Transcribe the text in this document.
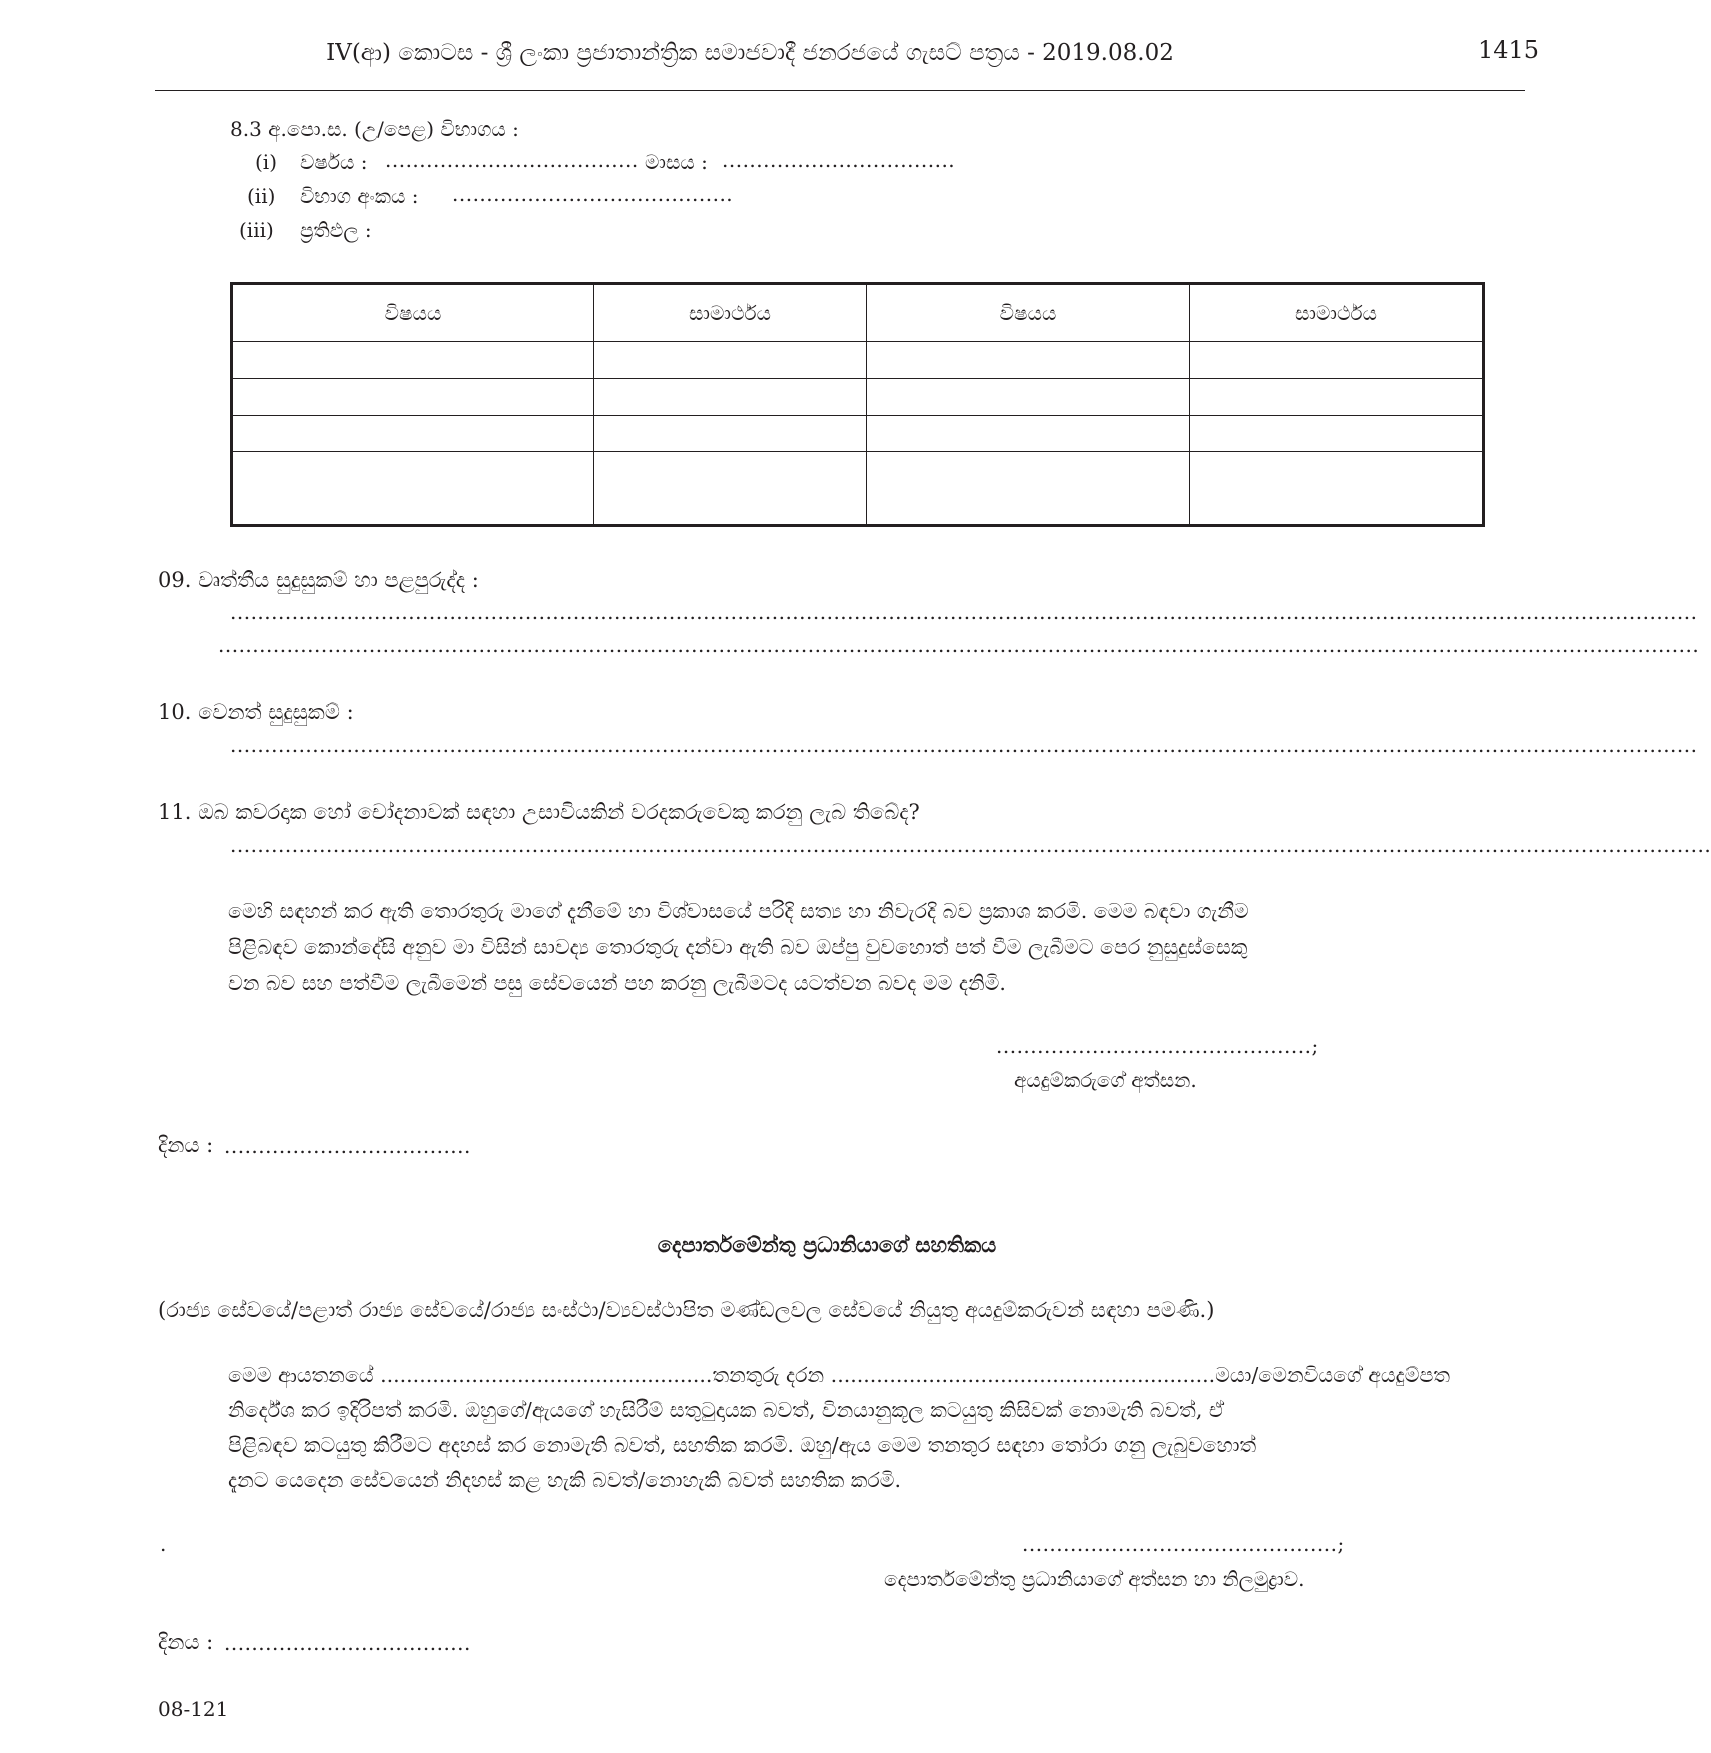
IV(ආ) කොටස - ශ්‍රී ලංකා ප්‍රජාතාන්ත්‍රික සමාජවාදී ජනරජයේ ගැසට් පත්‍රය - 2019.08.02	1415
8.3 අ.පො.ස. (උ/පෙළ) විභාගය :
(i) වර්ෂය : ..................................... මාසය : ..................................
(ii) විභාග අංකය : .........................................
(iii) ප්‍රතිඵල :
විෂයය	සාමාර්ථය	විෂයය	සාමාර්ථය

09. වෘත්තීය සුදුසුකම් හා පළපුරුද්ද :
......................................................................................................................................................................................................................
........................................................................................................................................................................................................................
10. වෙනත් සුදුසුකම් :
......................................................................................................................................................................................................................
11. ඔබ කවරදාක හෝ චෝදනාවක් සඳහා උසාවියකින් වරදකරුවෙකු කරනු ලැබ තිබේද?
........................................................................................................................................................................................................................
මෙහි සඳහන් කර ඇති තොරතුරු මාගේ දැනීමේ හා විශ්වාසයේ පරිදි සත්‍ය හා නිවැරදි බව ප්‍රකාශ කරමි. මෙම බඳවා ගැනීම
පිළිබඳව කොන්දේසි අනුව මා විසින් සාවද්‍ය තොරතුරු දන්වා ඇති බව ඔප්පු වුවහොත් පත් වීම ලැබීමට පෙර නුසුදුස්සෙකු
වන බව සහ පත්වීම ලැබීමෙන් පසු සේවයෙන් පහ කරනු ලැබීමටද යටත්වන බවද මම දනිමි.
..............................................;
අයදුම්කරුගේ අත්සන.
දිනය : ....................................
දෙපාර්තමේන්තු ප්‍රධානියාගේ සහතිකය
(රාජ්‍ය සේවයේ/පළාත් රාජ්‍ය සේවයේ/රාජ්‍ය සංස්ථා/ව්‍යවස්ථාපිත මණ්ඩලවල සේවයේ නියුතු අයදුම්කරුවන් සඳහා පමණි.)
මෙම ආයතනයේ ...................................................තනතුරු දරන ...........................................................මයා/මෙනවියගේ අයදුම්පත
නිර්දේශ කර ඉදිරිපත් කරමි. ඔහුගේ/ඇයගේ හැසිරීම් සතුටුදායක බවත්, විනයානුකූල කටයුතු කිසිවක් නොමැති බවත්, ඒ
පිළිබඳව කටයුතු කිරීමට අදහස් කර නොමැති බවත්, සහතික කරමි. ඔහු/ඇය මෙම තනතුර සඳහා තෝරා ගනු ලැබුවහොත්
දැනට යෙදෙන සේවයෙන් නිදහස් කළ හැකි බවත්/නොහැකි බවත් සහතික කරමි.
.	..............................................;
දෙපාර්තමේන්තු ප්‍රධානියාගේ අත්සන හා නිලමුද්‍රාව.
දිනය : ....................................
08-121
